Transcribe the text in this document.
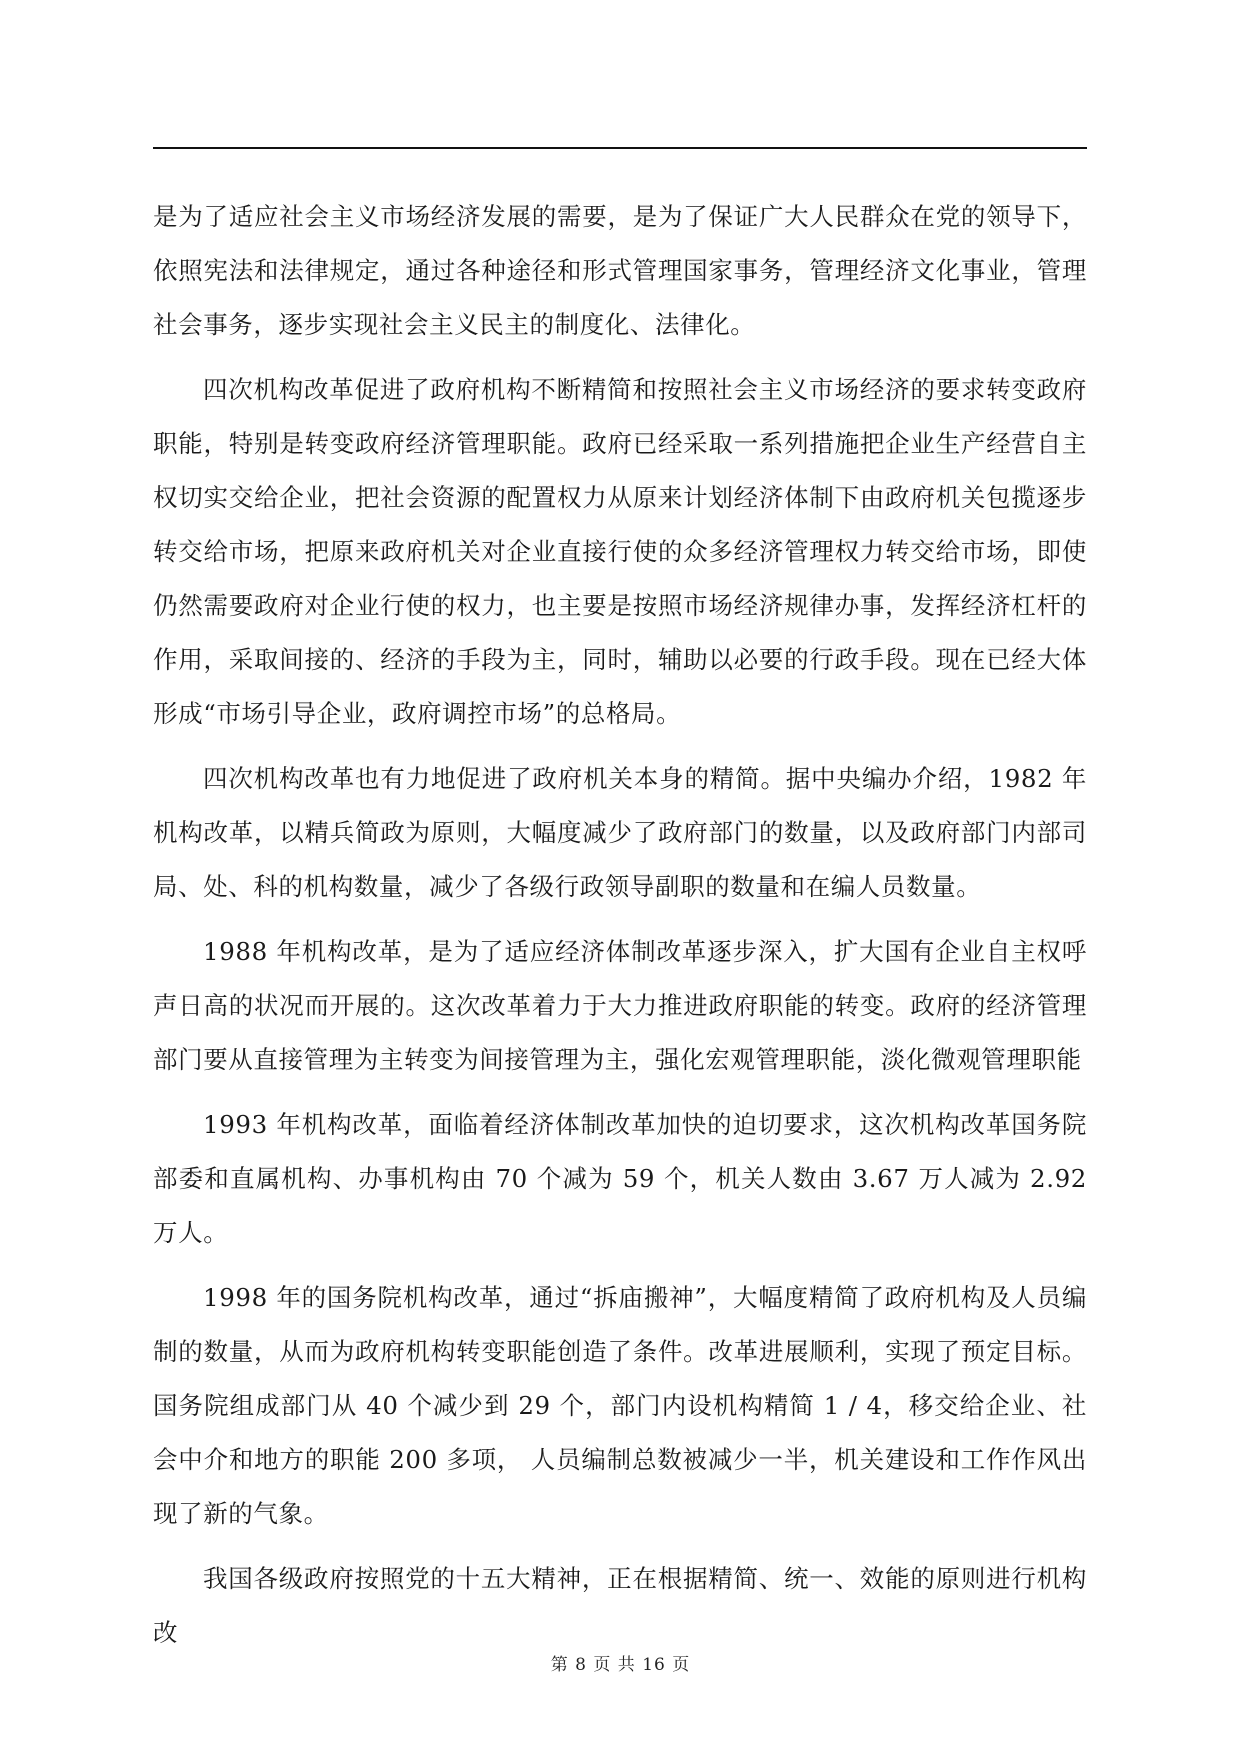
是为了适应社会主义市场经济发展的需要，是为了保证广大人民群众在党的领导下，依照宪法和法律规定，通过各种途径和形式管理国家事务，管理经济文化事业，管理社会事务，逐步实现社会主义民主的制度化、法律化。

四次机构改革促进了政府机构不断精简和按照社会主义市场经济的要求转变政府职能，特别是转变政府经济管理职能。政府已经采取一系列措施把企业生产经营自主权切实交给企业，把社会资源的配置权力从原来计划经济体制下由政府机关包揽逐步转交给市场，把原来政府机关对企业直接行使的众多经济管理权力转交给市场，即使仍然需要政府对企业行使的权力，也主要是按照市场经济规律办事，发挥经济杠杆的作用，采取间接的、经济的手段为主，同时，辅助以必要的行政手段。现在已经大体形成“市场引导企业，政府调控市场”的总格局。

四次机构改革也有力地促进了政府机关本身的精简。据中央编办介绍，1982 年机构改革，以精兵简政为原则，大幅度减少了政府部门的数量，以及政府部门内部司局、处、科的机构数量，减少了各级行政领导副职的数量和在编人员数量。

1988 年机构改革，是为了适应经济体制改革逐步深入，扩大国有企业自主权呼声日高的状况而开展的。这次改革着力于大力推进政府职能的转变。政府的经济管理部门要从直接管理为主转变为间接管理为主，强化宏观管理职能，淡化微观管理职能

1993 年机构改革，面临着经济体制改革加快的迫切要求，这次机构改革国务院部委和直属机构、办事机构由 70 个减为 59 个，机关人数由 3.67 万人减为 2.92 万人。

1998 年的国务院机构改革，通过“拆庙搬神”，大幅度精简了政府机构及人员编制的数量，从而为政府机构转变职能创造了条件。改革进展顺利，实现了预定目标。国务院组成部门从 40 个减少到 29 个，部门内设机构精简 1 / 4，移交给企业、社会中介和地方的职能 200 多项， 人员编制总数被减少一半，机关建设和工作作风出现了新的气象。

我国各级政府按照党的十五大精神，正在根据精简、统一、效能的原则进行机构改

第 8 页 共 16 页
